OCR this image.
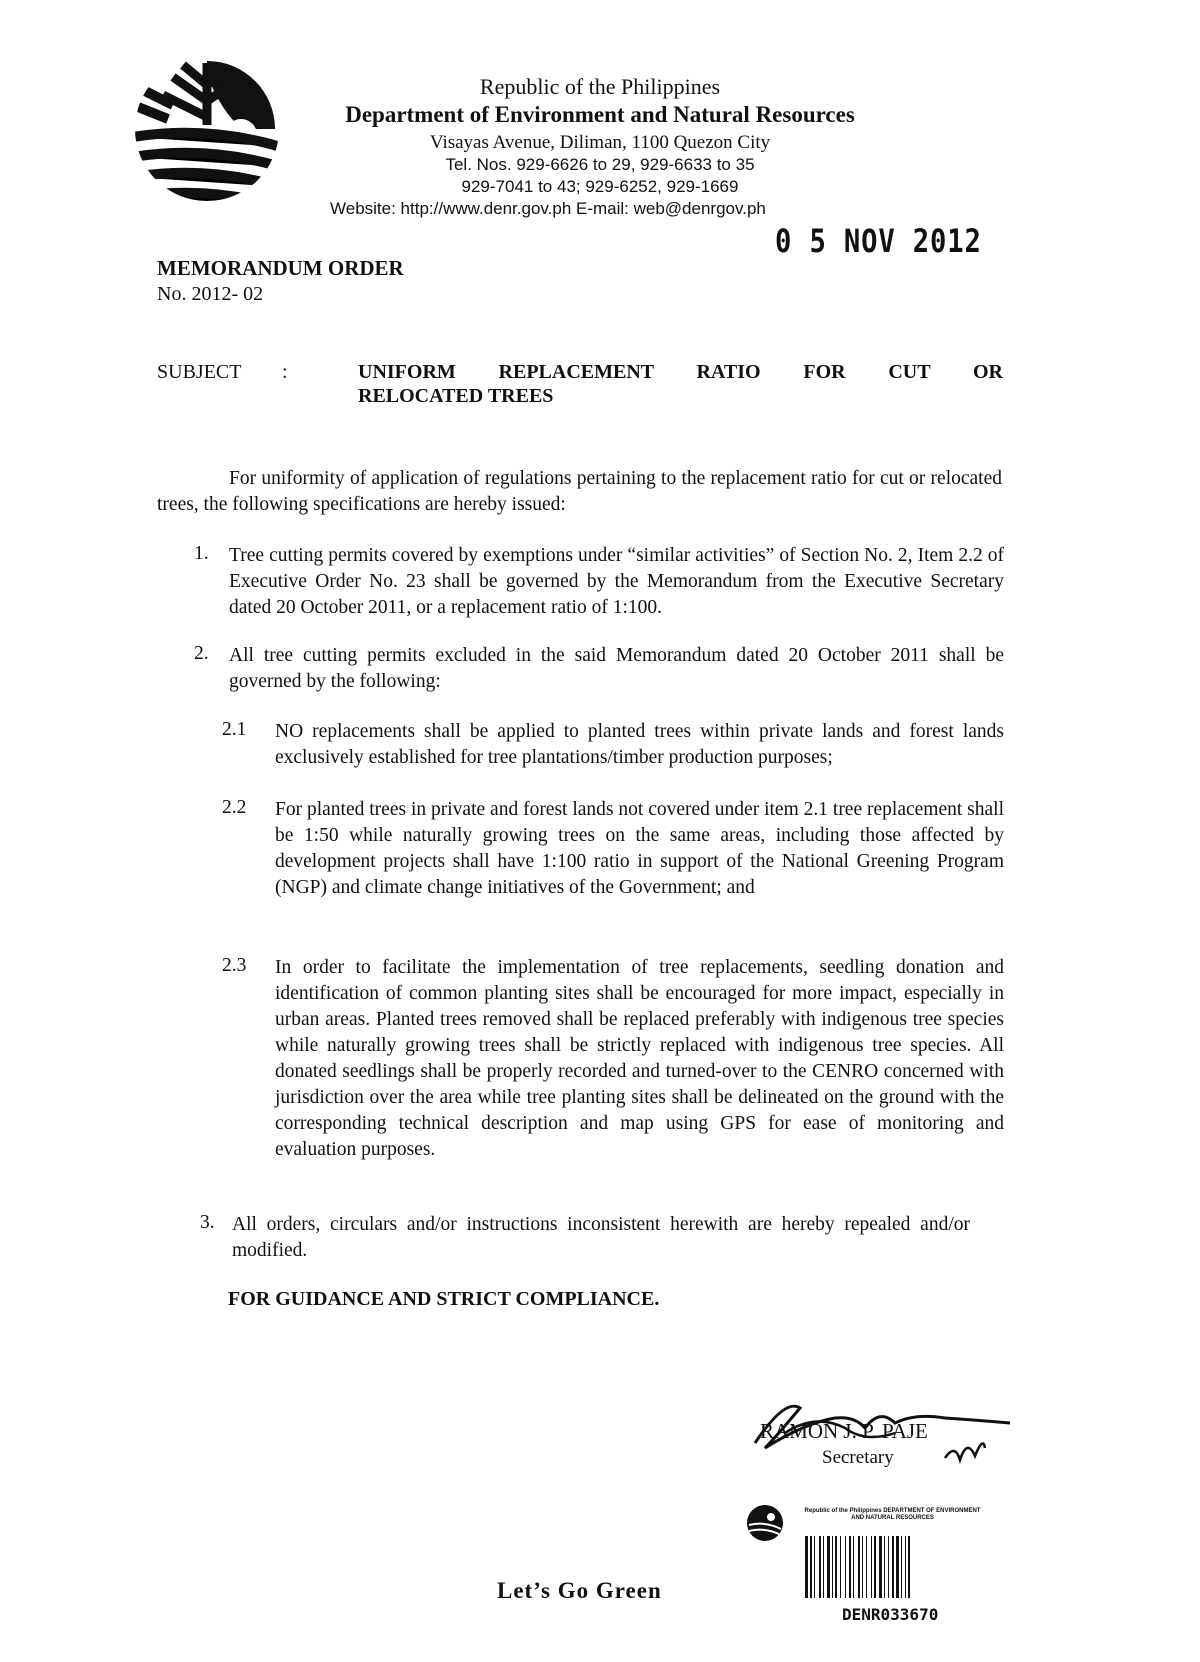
Republic of the Philippines
Department of Environment and Natural Resources
Visayas Avenue, Diliman, 1100 Quezon City
Tel. Nos. 929-6626 to 29, 929-6633 to 35
929-7041 to 43; 929-6252, 929-1669
Website: http://www.denr.gov.ph E-mail: web@denrgov.ph
0 5 NOV 2012
MEMORANDUM ORDER
No. 2012- 02
SUBJECT :	UNIFORM REPLACEMENT RATIO FOR CUT OR
RELOCATED TREES
For uniformity of application of regulations pertaining to the replacement ratio for cut or relocated trees, the following specifications are hereby issued:
1. Tree cutting permits covered by exemptions under “similar activities” of Section No. 2, Item 2.2 of Executive Order No. 23 shall be governed by the Memorandum from the Executive Secretary dated 20 October 2011, or a replacement ratio of 1:100.
2. All tree cutting permits excluded in the said Memorandum dated 20 October 2011 shall be governed by the following:
2.1 NO replacements shall be applied to planted trees within private lands and forest lands exclusively established for tree plantations/timber production purposes;
2.2 For planted trees in private and forest lands not covered under item 2.1 tree replacement shall be 1:50 while naturally growing trees on the same areas, including those affected by development projects shall have 1:100 ratio in support of the National Greening Program (NGP) and climate change initiatives of the Government; and
2.3 In order to facilitate the implementation of tree replacements, seedling donation and identification of common planting sites shall be encouraged for more impact, especially in urban areas. Planted trees removed shall be replaced preferably with indigenous tree species while naturally growing trees shall be strictly replaced with indigenous tree species. All donated seedlings shall be properly recorded and turned-over to the CENRO concerned with jurisdiction over the area while tree planting sites shall be delineated on the ground with the corresponding technical description and map using GPS for ease of monitoring and evaluation purposes.
3. All orders, circulars and/or instructions inconsistent herewith are hereby repealed and/or modified.
FOR GUIDANCE AND STRICT COMPLIANCE.
RAMON J. P. PAJE
Secretary
Let’s Go Green
Republic of the Philippines DEPARTMENT OF ENVIRONMENT AND NATURAL RESOURCES
DENR033670
